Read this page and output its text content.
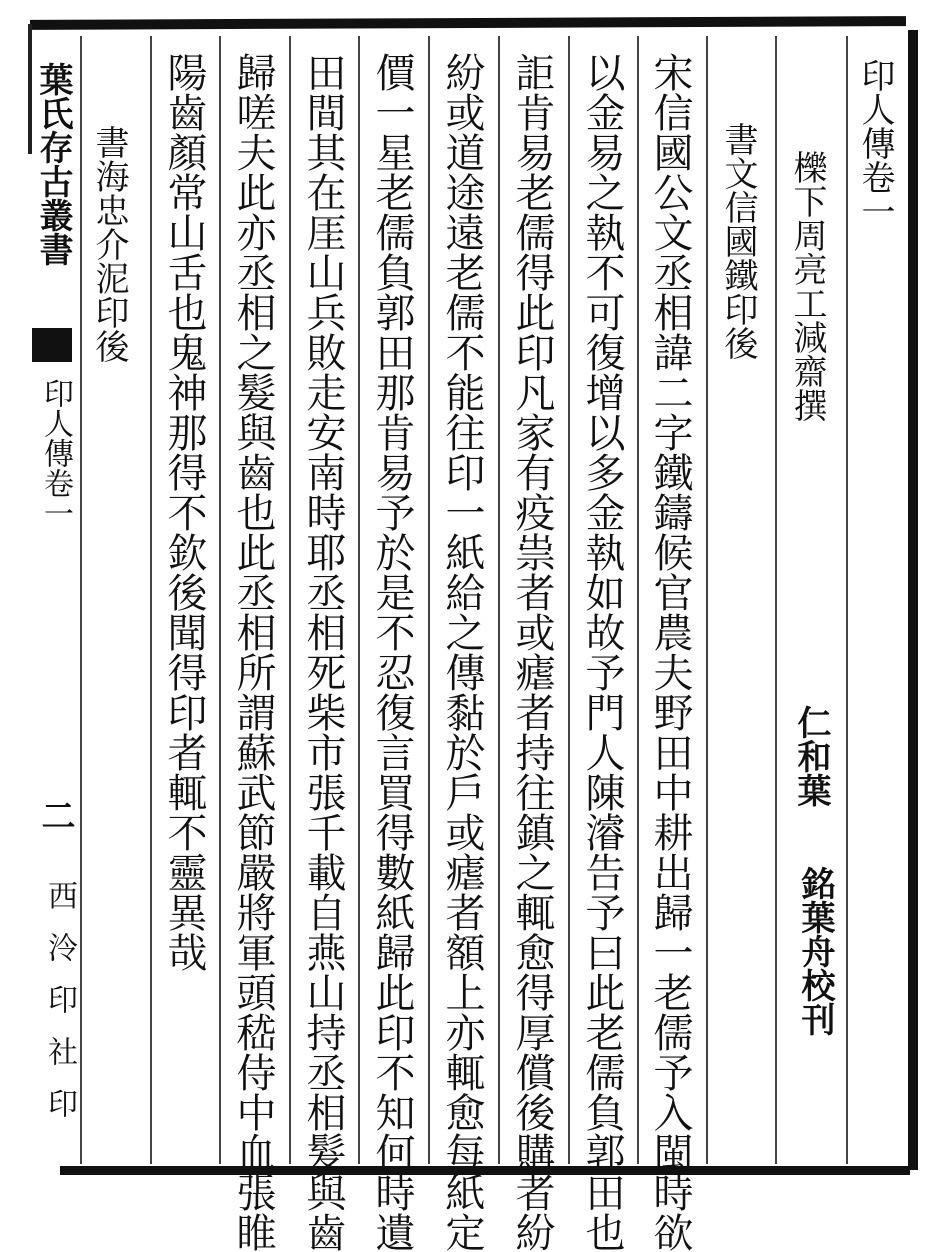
印人傳卷一
櫟下周亮工減齋撰
仁和葉
銘葉舟校刊
書文信國鐵印後
宋信國公文丞相諱二字鐵鑄候官農夫野田中耕出歸一老儒予入閩時欲
以金易之執不可復增以多金執如故予門人陳濬告予曰此老儒負郭田也
詎肯易老儒得此印凡家有疫祟者或瘧者持往鎮之輒愈得厚償後購者紛
紛或道途遠老儒不能往印一紙給之傳黏於戶或瘧者額上亦輒愈每紙定
價一星老儒負郭田那肯易予於是不忍復言買得數紙歸此印不知何時遺
田間其在厓山兵敗走安南時耶丞相死柴市張千載自燕山持丞相髮與齒
歸嗟夫此亦丞相之髮與齒也此丞相所謂蘇武節嚴將軍頭嵇侍中血張睢
陽齒顏常山舌也鬼神那得不欽後聞得印者輒不靈異哉
書海忠介泥印後
葉氏存古叢書
印人傳卷一
二
西泠印社印
